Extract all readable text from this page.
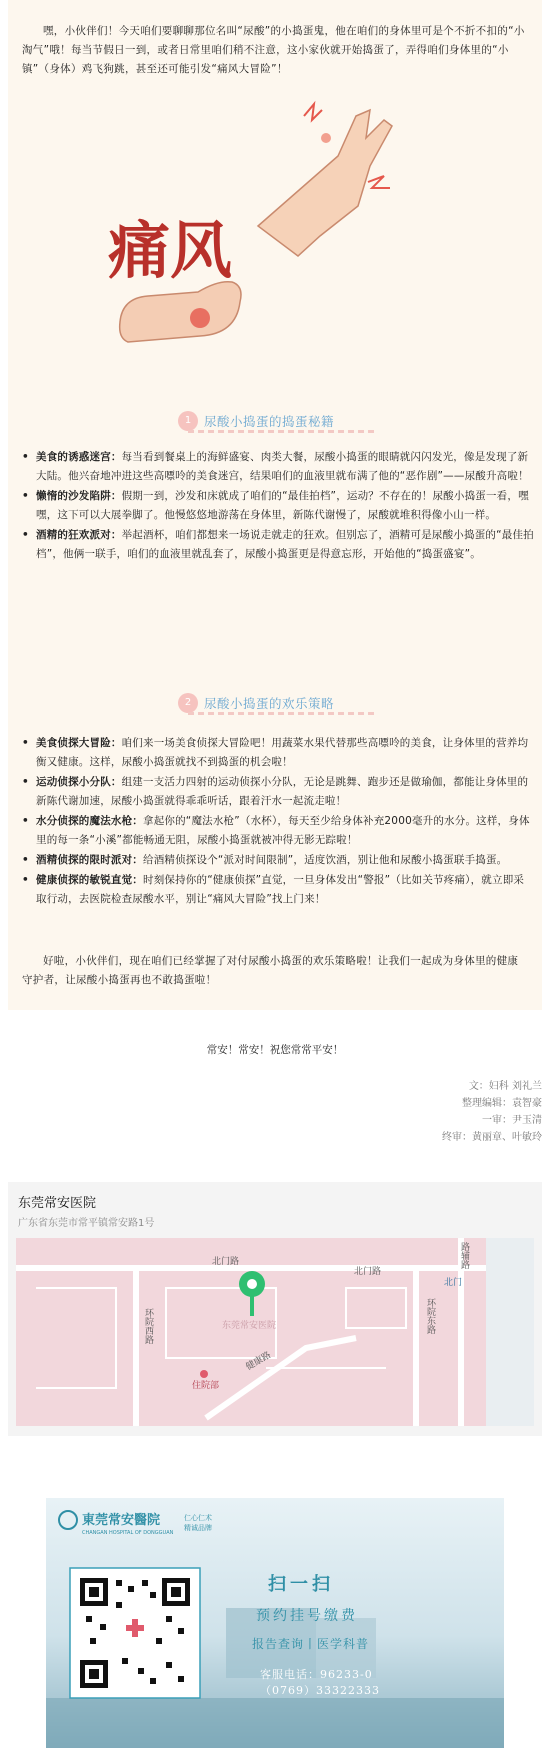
嘿，小伙伴们！今天咱们要聊聊那位名叫“尿酸”的小捣蛋鬼，他在咱们的身体里可是个不折不扣的“小淘气”哦！每当节假日一到，或者日常里咱们稍不注意，这小家伙就开始捣蛋了，弄得咱们身体里的“小镇”（身体）鸡飞狗跳，甚至还可能引发“痛风大冒险”！

痛风
1	尿酸小捣蛋的捣蛋秘籍
• 美食的诱惑迷宫：每当看到餐桌上的海鲜盛宴、肉类大餐，尿酸小捣蛋的眼睛就闪闪发光，像是发现了新大陆。他兴奋地冲进这些高嘌呤的美食迷宫，结果咱们的血液里就布满了他的“恶作剧”——尿酸升高啦！
• 懒惰的沙发陷阱：假期一到，沙发和床就成了咱们的“最佳拍档”，运动？不存在的！尿酸小捣蛋一看，嘿嘿，这下可以大展拳脚了。他慢悠悠地游荡在身体里，新陈代谢慢了，尿酸就堆积得像小山一样。
• 酒精的狂欢派对：举起酒杯，咱们都想来一场说走就走的狂欢。但别忘了，酒精可是尿酸小捣蛋的“最佳拍档”，他俩一联手，咱们的血液里就乱套了，尿酸小捣蛋更是得意忘形，开始他的“捣蛋盛宴”。
2	尿酸小捣蛋的欢乐策略
• 美食侦探大冒险：咱们来一场美食侦探大冒险吧！用蔬菜水果代替那些高嘌呤的美食，让身体里的营养均衡又健康。这样，尿酸小捣蛋就找不到捣蛋的机会啦！
• 运动侦探小分队：组建一支活力四射的运动侦探小分队，无论是跳舞、跑步还是做瑜伽，都能让身体里的新陈代谢加速，尿酸小捣蛋就得乖乖听话，跟着汗水一起流走啦！
• 水分侦探的魔法水枪：拿起你的“魔法水枪”（水杯），每天至少给身体补充2000毫升的水分。这样，身体里的每一条“小溪”都能畅通无阻，尿酸小捣蛋就被冲得无影无踪啦！
• 酒精侦探的限时派对：给酒精侦探设个“派对时间限制”，适度饮酒，别让他和尿酸小捣蛋联手捣蛋。
• 健康侦探的敏锐直觉：时刻保持你的“健康侦探”直觉，一旦身体发出“警报”（比如关节疼痛），就立即采取行动，去医院检查尿酸水平，别让“痛风大冒险”找上门来！

好啦，小伙伴们，现在咱们已经掌握了对付尿酸小捣蛋的欢乐策略啦！让我们一起成为身体里的健康守护者，让尿酸小捣蛋再也不敢捣蛋啦！

常安！常安！祝您常常平安！
文：妇科 刘礼兰
整理编辑：袁智豪
一审：尹玉清
终审：黄丽章、叶敏玲
东莞常安医院
广东省东莞市常平镇常安路1号
北门路
北门路
环院西路	环院东路
路辅路
健康路
东莞常安医院
住院部
北门
東莞常安醫院
CHANGAN HOSPITAL OF DONGGUAN
仁心仁术
精诚品牌
扫一扫
预约挂号缴费
报告查询丨医学科普
客服电话：96233-0
（0769）33322333
